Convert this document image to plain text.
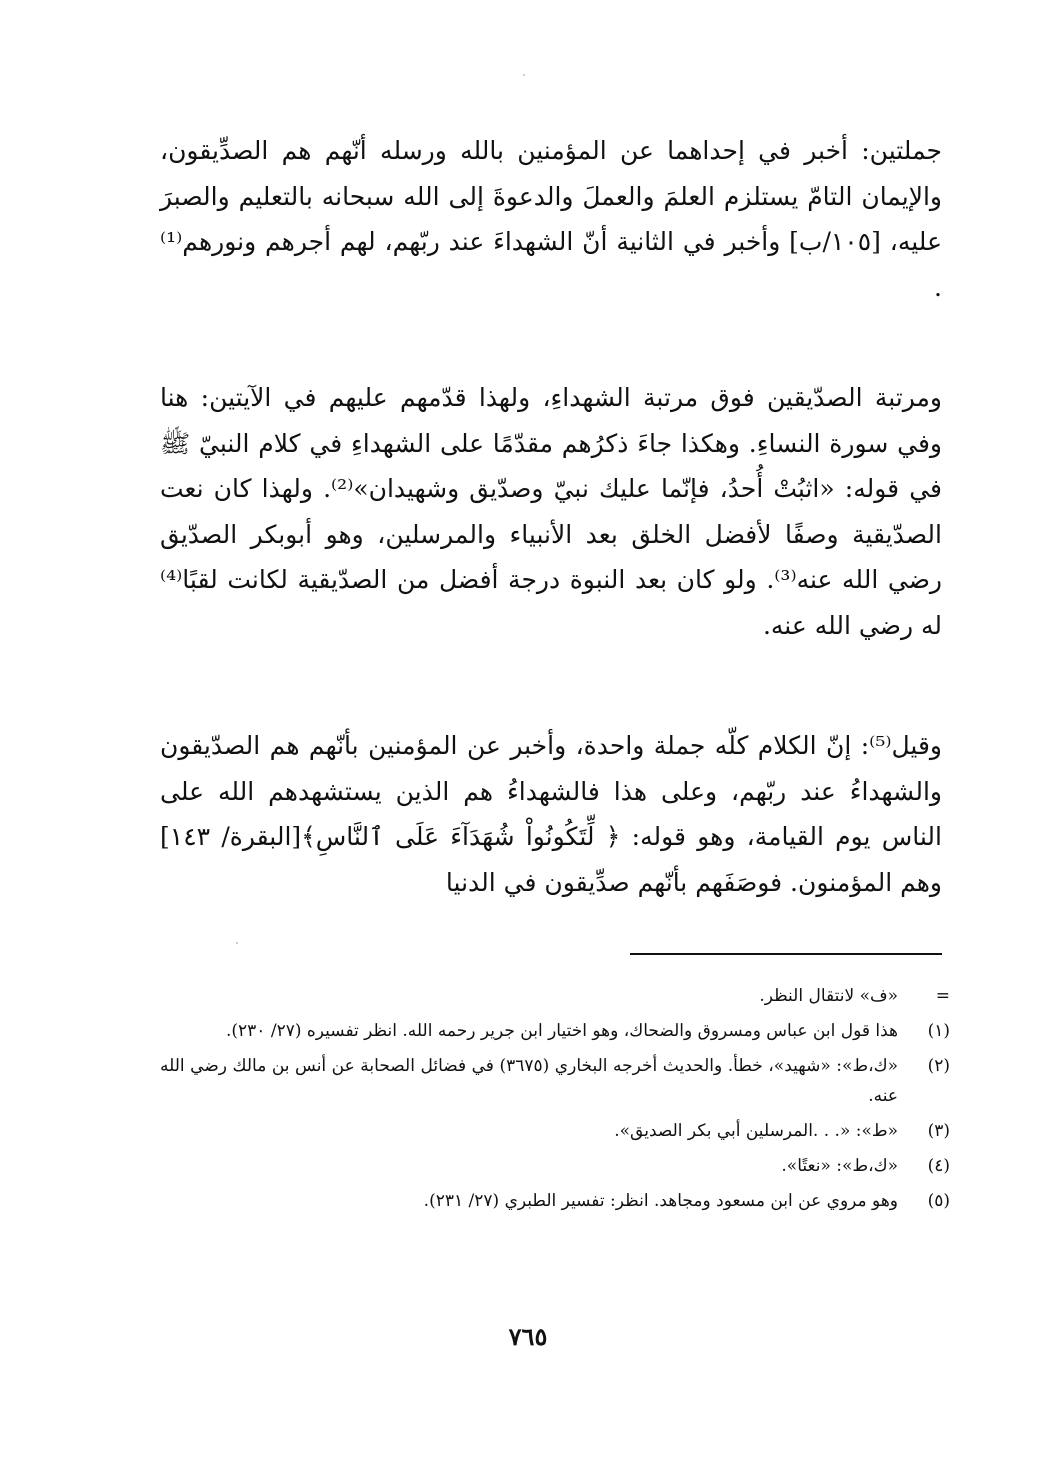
جملتين: أخبر في إحداهما عن المؤمنين بالله ورسله أنّهم هم الصدِّيقون، والإيمان التامّ يستلزم العلمَ والعملَ والدعوةَ إلى الله سبحانه بالتعليم والصبرَ عليه، [١٠٥/ب] وأخبر في الثانية أنّ الشهداءَ عند ربّهم، لهم أجرهم ونورهم⁽¹⁾ .

ومرتبة الصدّيقين فوق مرتبة الشهداءِ، ولهذا قدّمهم عليهم في الآيتين: هنا وفي سورة النساءِ. وهكذا جاءَ ذكرُهم مقدّمًا على الشهداءِ في كلام النبيّ ﷺ في قوله: «اثبُتْ أُحدُ، فإنّما عليك نبيّ وصدّيق وشهيدان»⁽²⁾. ولهذا كان نعت الصدّيقية وصفًا لأفضل الخلق بعد الأنبياء والمرسلين، وهو أبوبكر الصدّيق رضي الله عنه⁽³⁾. ولو كان بعد النبوة درجة أفضل من الصدّيقية لكانت لقبًا⁽⁴⁾ له رضي الله عنه.

وقيل⁽⁵⁾: إنّ الكلام كلّه جملة واحدة، وأخبر عن المؤمنين بأنّهم هم الصدّيقون والشهداءُ عند ربّهم، وعلى هذا فالشهداءُ هم الذين يستشهدهم الله على الناس يوم القيامة، وهو قوله: ﴿ لِّتَكُونُواْ شُهَدَآءَ عَلَى ٱلنَّاسِ﴾[البقرة/ ١٤٣] وهم المؤمنون. فوصَفَهم بأنّهم صدِّيقون في الدنيا

=
«ف» لانتقال النظر.
(١)
هذا قول ابن عباس ومسروق والضحاك، وهو اختيار ابن جرير رحمه الله. انظر تفسيره (٢٧/ ٢٣٠).
(٢)
«ك،ط»: «شهيد»، خطأ. والحديث أخرجه البخاري (٣٦٧٥) في فضائل الصحابة عن أنس بن مالك رضي الله عنه.
(٣)
«ط»: «. . .المرسلين أبي بكر الصديق».
(٤)
«ك،ط»: «نعتًا».
(٥)
وهو مروي عن ابن مسعود ومجاهد. انظر: تفسير الطبري (٢٧/ ٢٣١).
٧٦٥
